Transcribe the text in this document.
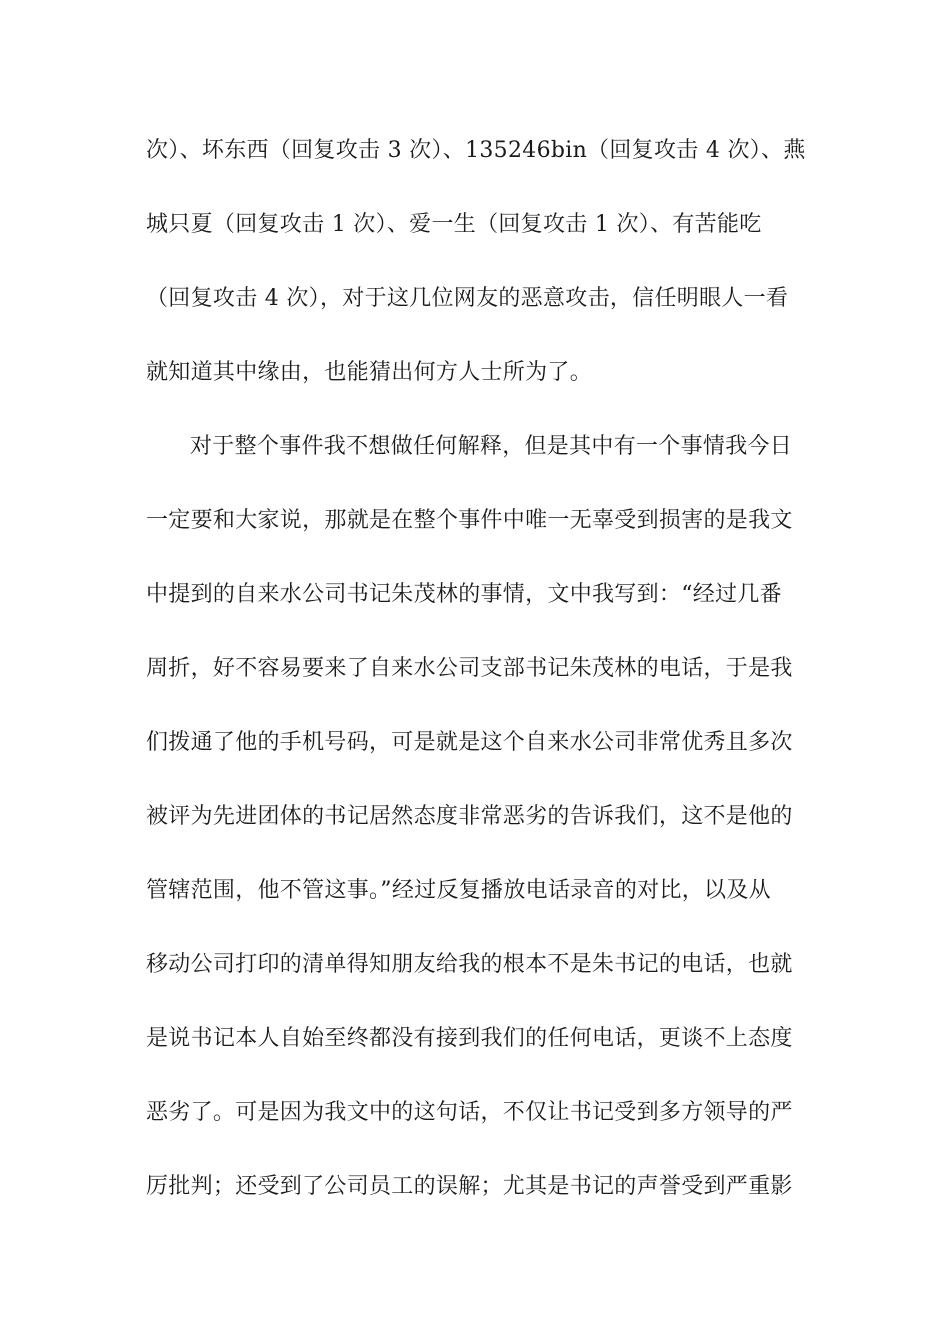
次）、坏东西（回复攻击 3 次）、135246bin（回复攻击 4 次）、燕
城只夏（回复攻击 1 次）、爱一生（回复攻击 1 次）、有苦能吃
（回复攻击 4 次），对于这几位网友的恶意攻击，信任明眼人一看
就知道其中缘由，也能猜出何方人士所为了。
对于整个事件我不想做任何解释，但是其中有一个事情我今日
一定要和大家说，那就是在整个事件中唯一无辜受到损害的是我文
中提到的自来水公司书记朱茂林的事情，文中我写到：“经过几番
周折，好不容易要来了自来水公司支部书记朱茂林的电话，于是我
们拨通了他的手机号码，可是就是这个自来水公司非常优秀且多次
被评为先进团体的书记居然态度非常恶劣的告诉我们，这不是他的
管辖范围，他不管这事。”经过反复播放电话录音的对比，以及从
移动公司打印的清单得知朋友给我的根本不是朱书记的电话，也就
是说书记本人自始至终都没有接到我们的任何电话，更谈不上态度
恶劣了。可是因为我文中的这句话，不仅让书记受到多方领导的严
厉批判；还受到了公司员工的误解；尤其是书记的声誉受到严重影
